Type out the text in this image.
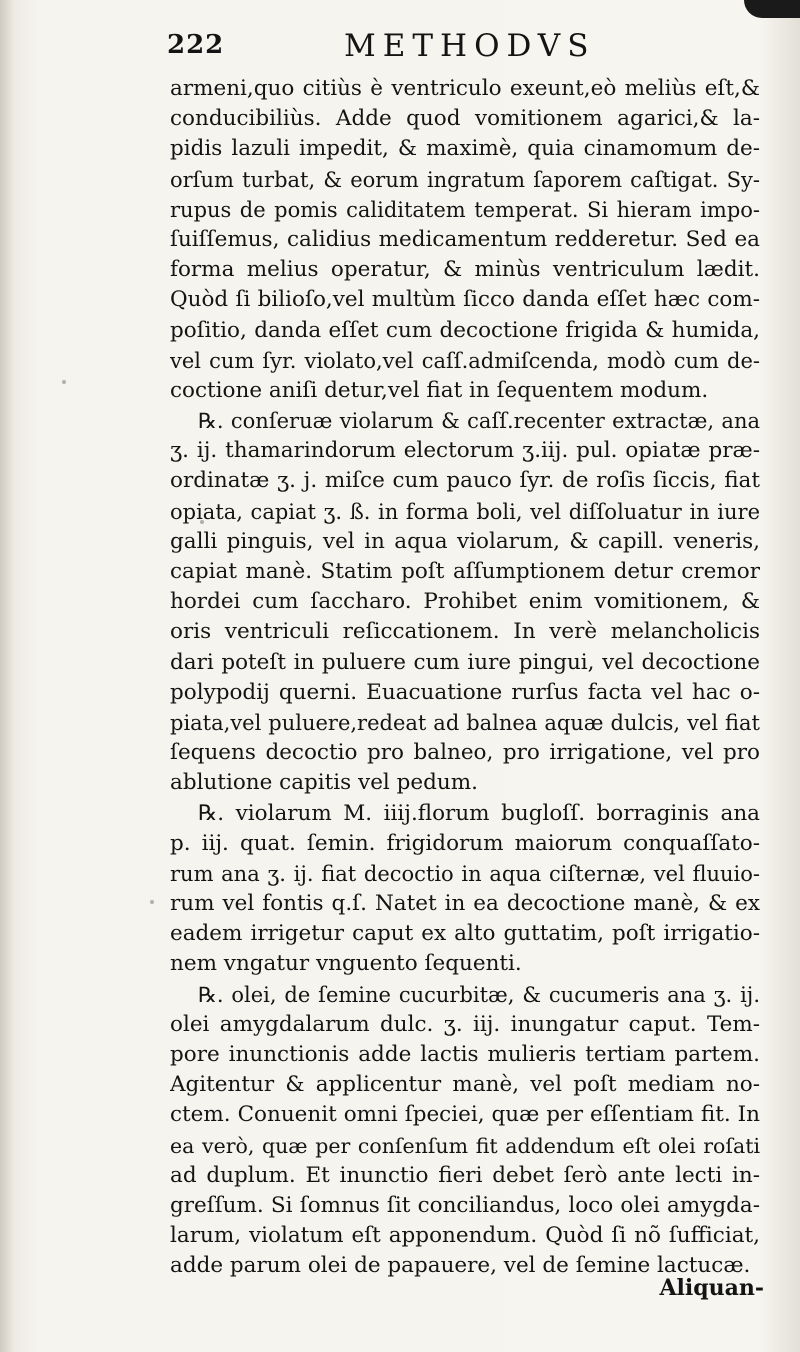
222	METHODVS
armeni,quo citiùs è ventriculo exeunt,eò meliùs eſt,&
conducibiliùs. Adde quod vomitionem agarici,& la-
pidis lazuli impedit, & maximè, quia cinamomum de-
orſum turbat, & eorum ingratum ſaporem caſtigat. Sy-
rupus de pomis caliditatem temperat. Si hieram impo-
ſuiſſemus, calidius medicamentum redderetur. Sed ea
forma melius operatur, & minùs ventriculum lædit.
Quòd ſi bilioſo,vel multùm ſicco danda eſſet hæc com-
poſitio, danda eſſet cum decoctione frigida & humida,
vel cum ſyr. violato,vel caſſ.admiſcenda, modò cum de-
coctione aniſi detur,vel fiat in ſequentem modum.
℞. conſeruæ violarum & caſſ.recenter extractæ, ana
ʒ. ij. thamarindorum electorum ʒ.iij. pul. opiatæ præ-
ordinatæ ʒ. j. miſce cum pauco ſyr. de roſis ſiccis, fiat
opiata, capiat ʒ. ß. in forma boli, vel diſſoluatur in iure
galli pinguis, vel in aqua violarum, & capill. veneris,
capiat manè. Statim poſt aſſumptionem detur cremor
hordei cum ſaccharo. Prohibet enim vomitionem, &
oris ventriculi reſiccationem. In verè melancholicis
dari poteſt in puluere cum iure pingui, vel decoctione
polypodij querni. Euacuatione rurſus facta vel hac o-
piata,vel puluere,redeat ad balnea aquæ dulcis, vel fiat
ſequens decoctio pro balneo, pro irrigatione, vel pro
ablutione capitis vel pedum.
℞. violarum M. iiij.florum bugloſſ. borraginis ana
p. iij. quat. ſemin. frigidorum maiorum conquaſſato-
rum ana ʒ. ij. fiat decoctio in aqua ciſternæ, vel fluuio-
rum vel fontis q.ſ. Natet in ea decoctione manè, & ex
eadem irrigetur caput ex alto guttatim, poſt irrigatio-
nem vngatur vnguento ſequenti.
℞. olei, de ſemine cucurbitæ, & cucumeris ana ʒ. ij.
olei amygdalarum dulc. ʒ. iij. inungatur caput. Tem-
pore inunctionis adde lactis mulieris tertiam partem.
Agitentur & applicentur manè, vel poſt mediam no-
ctem. Conuenit omni ſpeciei, quæ per eſſentiam fit. In
ea verò, quæ per conſenſum fit addendum eſt olei roſati
ad duplum. Et inunctio fieri debet ſerò ante lecti in-
greſſum. Si ſomnus ſit conciliandus, loco olei amygda-
larum, violatum eſt apponendum. Quòd ſi nõ ſufficiat,
adde parum olei de papauere, vel de ſemine lactucæ.
Aliquan-
